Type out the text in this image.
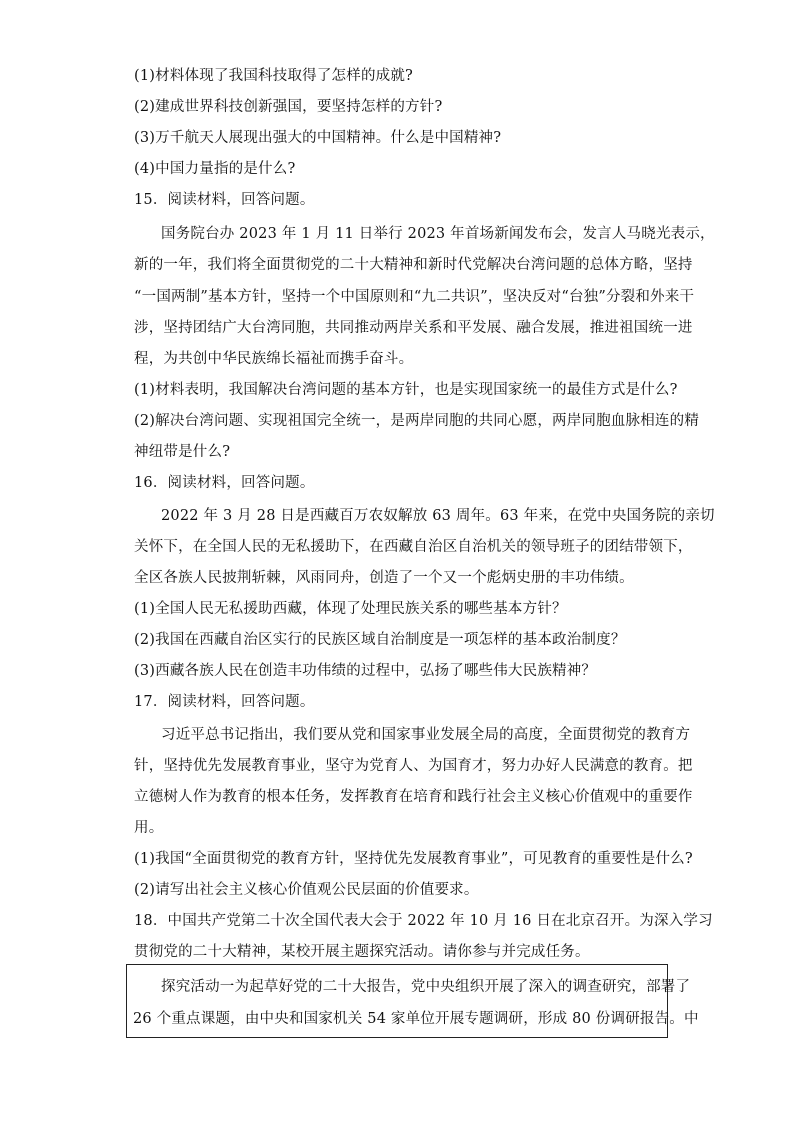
(1)材料体现了我国科技取得了怎样的成就?
(2)建成世界科技创新强国，要坚持怎样的方针?
(3)万千航天人展现出强大的中国精神。什么是中国精神?
(4)中国力量指的是什么?
15．阅读材料，回答问题。
国务院台办 2023 年 1 月 11 日举行 2023 年首场新闻发布会，发言人马晓光表示，
新的一年，我们将全面贯彻党的二十大精神和新时代党解决台湾问题的总体方略，坚持
“一国两制”基本方针，坚持一个中国原则和“九二共识”，坚决反对“台独”分裂和外来干
涉，坚持团结广大台湾同胞，共同推动两岸关系和平发展、融合发展，推进祖国统一进
程，为共创中华民族绵长福祉而携手奋斗。
(1)材料表明，我国解决台湾问题的基本方针，也是实现国家统一的最佳方式是什么?
(2)解决台湾问题、实现祖国完全统一，是两岸同胞的共同心愿，两岸同胞血脉相连的精
神纽带是什么?
16．阅读材料，回答问题。
2022 年 3 月 28 日是西藏百万农奴解放 63 周年。63 年来，在党中央国务院的亲切
关怀下，在全国人民的无私援助下，在西藏自治区自治机关的领导班子的团结带领下，
全区各族人民披荆斩棘，风雨同舟，创造了一个又一个彪炳史册的丰功伟绩。
(1)全国人民无私援助西藏，体现了处理民族关系的哪些基本方针？
(2)我国在西藏自治区实行的民族区域自治制度是一项怎样的基本政治制度？
(3)西藏各族人民在创造丰功伟绩的过程中，弘扬了哪些伟大民族精神？
17．阅读材料，回答问题。
习近平总书记指出，我们要从党和国家事业发展全局的高度，全面贯彻党的教育方
针，坚持优先发展教育事业，坚守为党育人、为国育才，努力办好人民满意的教育。把
立德树人作为教育的根本任务，发挥教育在培育和践行社会主义核心价值观中的重要作
用。
(1)我国“全面贯彻党的教育方针，坚持优先发展教育事业”，可见教育的重要性是什么?
(2)请写出社会主义核心价值观公民层面的价值要求。
18．中国共产党第二十次全国代表大会于 2022 年 10 月 16 日在北京召开。为深入学习
贯彻党的二十大精神，某校开展主题探究活动。请你参与并完成任务。
探究活动一为起草好党的二十大报告，党中央组织开展了深入的调查研究，部署了
26 个重点课题，由中央和国家机关 54 家单位开展专题调研，形成 80 份调研报告。中
